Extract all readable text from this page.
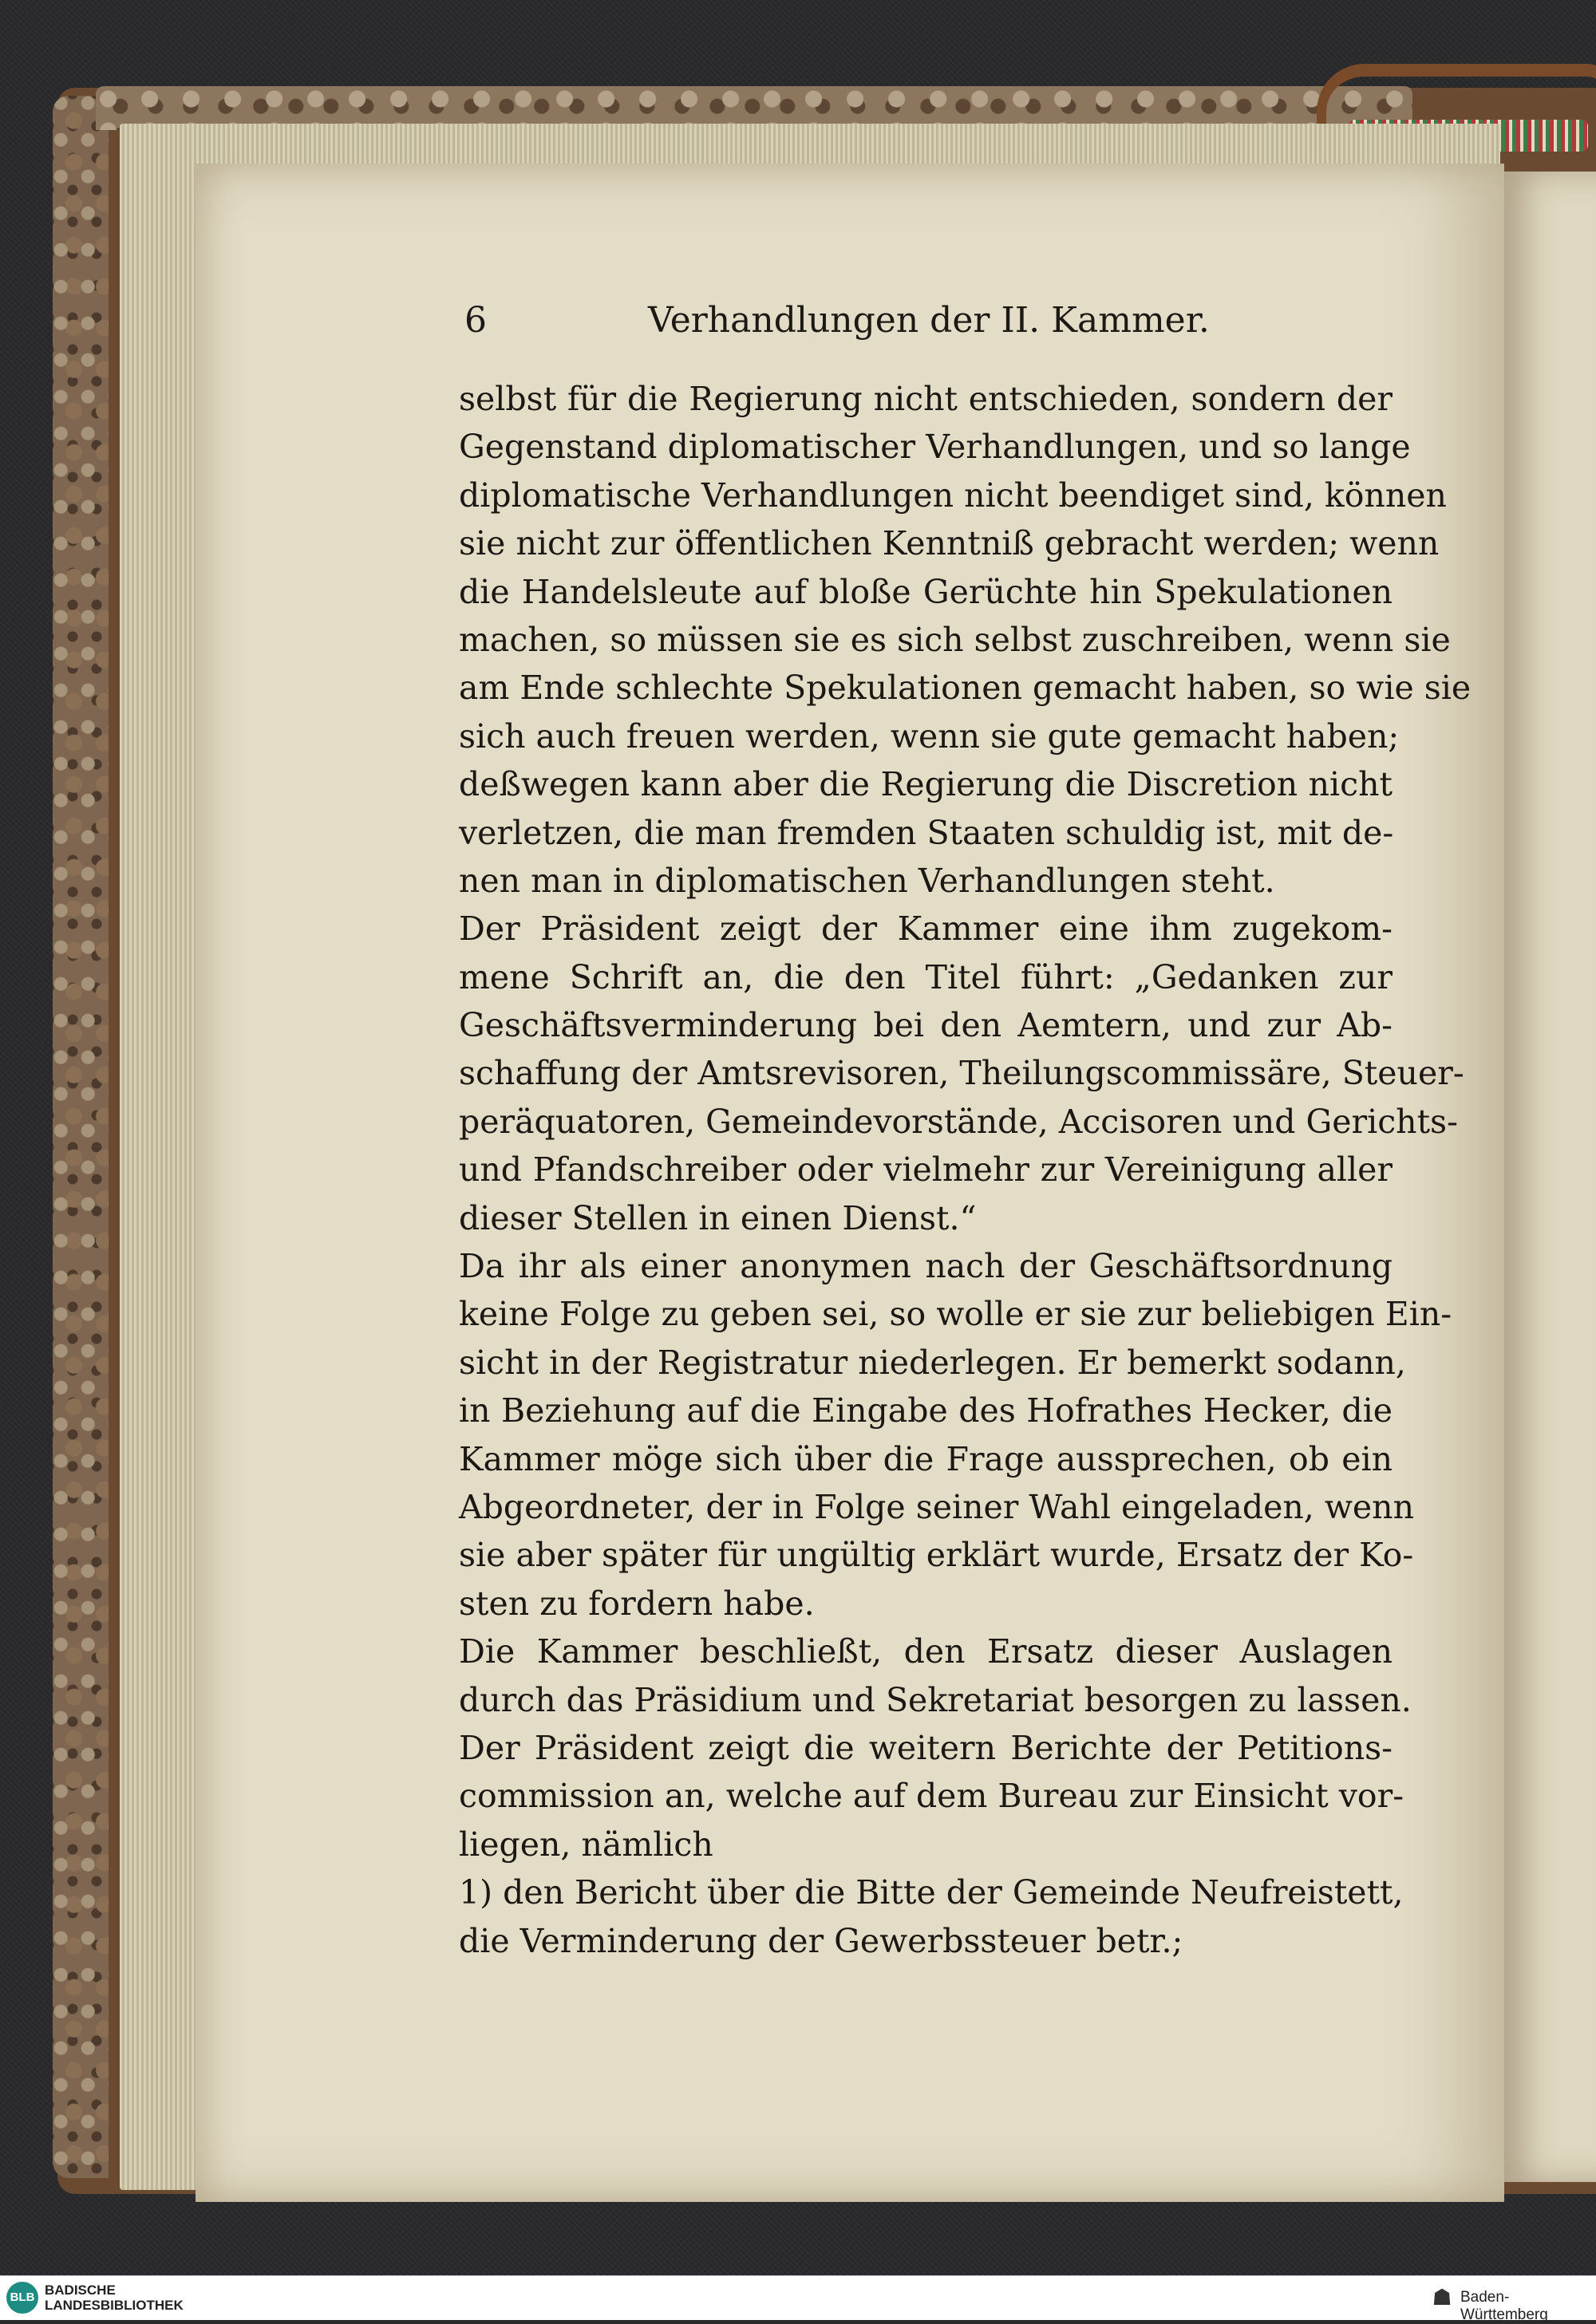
6	Verhandlungen der II. Kammer.
selbst für die Regierung nicht entschieden, sondern der
Gegenstand diplomatischer Verhandlungen, und so lange
diplomatische Verhandlungen nicht beendiget sind, können
sie nicht zur öffentlichen Kenntniß gebracht werden; wenn
die Handelsleute auf bloße Gerüchte hin Spekulationen
machen, so müssen sie es sich selbst zuschreiben, wenn sie
am Ende schlechte Spekulationen gemacht haben, so wie sie
sich auch freuen werden, wenn sie gute gemacht haben;
deßwegen kann aber die Regierung die Discretion nicht
verletzen, die man fremden Staaten schuldig ist, mit de-
nen man in diplomatischen Verhandlungen steht.
Der Präsident zeigt der Kammer eine ihm zugekom-
mene Schrift an, die den Titel führt: „Gedanken zur
Geschäftsverminderung bei den Aemtern, und zur Ab-
schaffung der Amtsrevisoren, Theilungscommissäre, Steuer-
peräquatoren, Gemeindevorstände, Accisoren und Gerichts-
und Pfandschreiber oder vielmehr zur Vereinigung aller
dieser Stellen in einen Dienst.“
Da ihr als einer anonymen nach der Geschäftsordnung
keine Folge zu geben sei, so wolle er sie zur beliebigen Ein-
sicht in der Registratur niederlegen. Er bemerkt sodann,
in Beziehung auf die Eingabe des Hofrathes Hecker, die
Kammer möge sich über die Frage aussprechen, ob ein
Abgeordneter, der in Folge seiner Wahl eingeladen, wenn
sie aber später für ungültig erklärt wurde, Ersatz der Ko-
sten zu fordern habe.
Die Kammer beschließt, den Ersatz dieser Auslagen
durch das Präsidium und Sekretariat besorgen zu lassen.
Der Präsident zeigt die weitern Berichte der Petitions-
commission an, welche auf dem Bureau zur Einsicht vor-
liegen, nämlich
1) den Bericht über die Bitte der Gemeinde Neufreistett,
die Verminderung der Gewerbssteuer betr.;
BLB BADISCHE
LANDESBIBLIOTHEK	☗ Baden-Württemberg
